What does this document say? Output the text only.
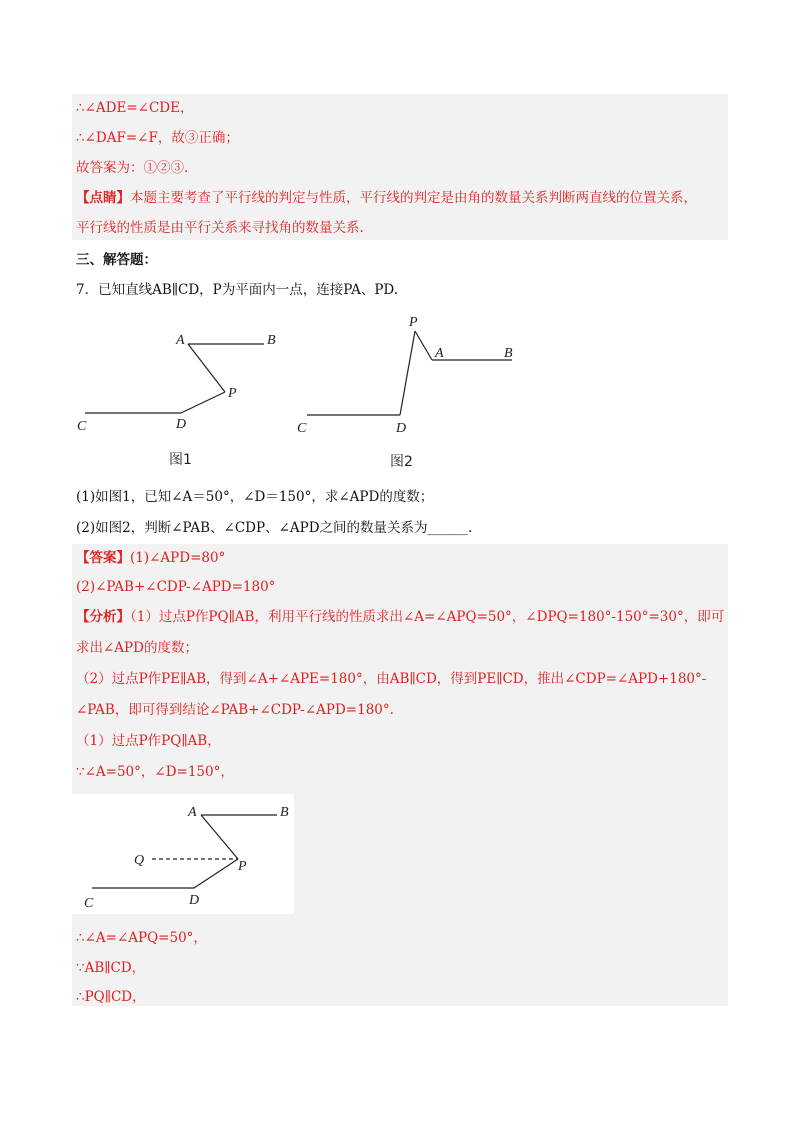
∴∠ADE=∠CDE，
∴∠DAF=∠F，故③正确；
故答案为：①②③.
【点睛】本题主要考查了平行线的判定与性质，平行线的判定是由角的数量关系判断两直线的位置关系，
平行线的性质是由平行关系来寻找角的数量关系.
三、解答题：
7．已知直线AB∥CD，P为平面内一点，连接PA、PD.
A	B
P
C	D
图1
P
A	B
C	D
图2
(1)如图1，已知∠A＝50°，∠D＝150°，求∠APD的度数；
(2)如图2，判断∠PAB、∠CDP、∠APD之间的数量关系为______.
【答案】(1)∠APD=80°
(2)∠PAB+∠CDP-∠APD=180°
【分析】（1）过点P作PQ∥AB，利用平行线的性质求出∠A=∠APQ=50°，∠DPQ=180°-150°=30°，即可
求出∠APD的度数；
（2）过点P作PE∥AB，得到∠A+∠APE=180°，由AB∥CD，得到PE∥CD，推出∠CDP=∠APD+180°-
∠PAB，即可得到结论∠PAB+∠CDP-∠APD=180°.
（1）过点P作PQ∥AB，
∵∠A=50°，∠D=150°，
A	B
Q	P
C	D
∴∠A=∠APQ=50°，
∵AB∥CD，
∴PQ∥CD，
